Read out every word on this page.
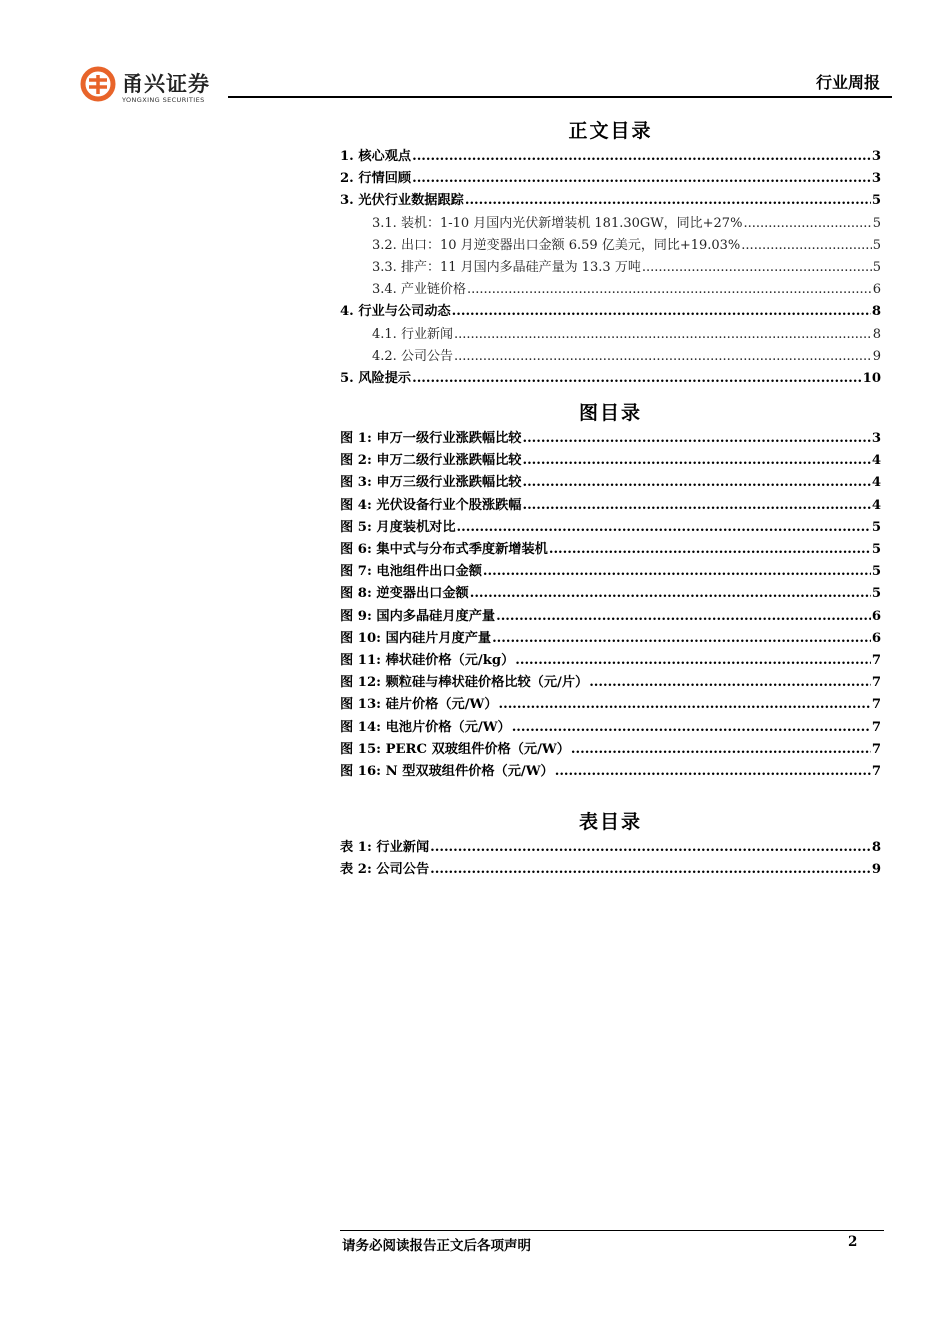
甬兴证券
YONGXING SECURITIES
行业周报
正文目录
1. 核心观点 .....	3
2. 行情回顾 .....	3
3. 光伏行业数据跟踪 .....	5
3.1. 装机：1-10 月国内光伏新增装机 181.30GW，同比+27% .....	5
3.2. 出口：10 月逆变器出口金额 6.59 亿美元，同比+19.03% .....	5
3.3. 排产：11 月国内多晶硅产量为 13.3 万吨 .....	5
3.4. 产业链价格 .....	6
4. 行业与公司动态 .....	8
4.1. 行业新闻 .....	8
4.2. 公司公告 .....	9
5. 风险提示 .....	10
图目录
图 1: 申万一级行业涨跌幅比较 .....	3
图 2: 申万二级行业涨跌幅比较 .....	4
图 3: 申万三级行业涨跌幅比较 .....	4
图 4: 光伏设备行业个股涨跌幅 .....	4
图 5: 月度装机对比 .....	5
图 6: 集中式与分布式季度新增装机 .....	5
图 7: 电池组件出口金额 .....	5
图 8: 逆变器出口金额 .....	5
图 9: 国内多晶硅月度产量 .....	6
图 10: 国内硅片月度产量 .....	6
图 11: 棒状硅价格（元/kg） .....	7
图 12: 颗粒硅与棒状硅价格比较（元/片） .....	7
图 13: 硅片价格（元/W） .....	7
图 14: 电池片价格（元/W） .....	7
图 15: PERC 双玻组件价格（元/W） .....	7
图 16: N 型双玻组件价格（元/W） .....	7
表目录
表 1: 行业新闻 .....	8
表 2: 公司公告 .....	9
请务必阅读报告正文后各项声明	2
